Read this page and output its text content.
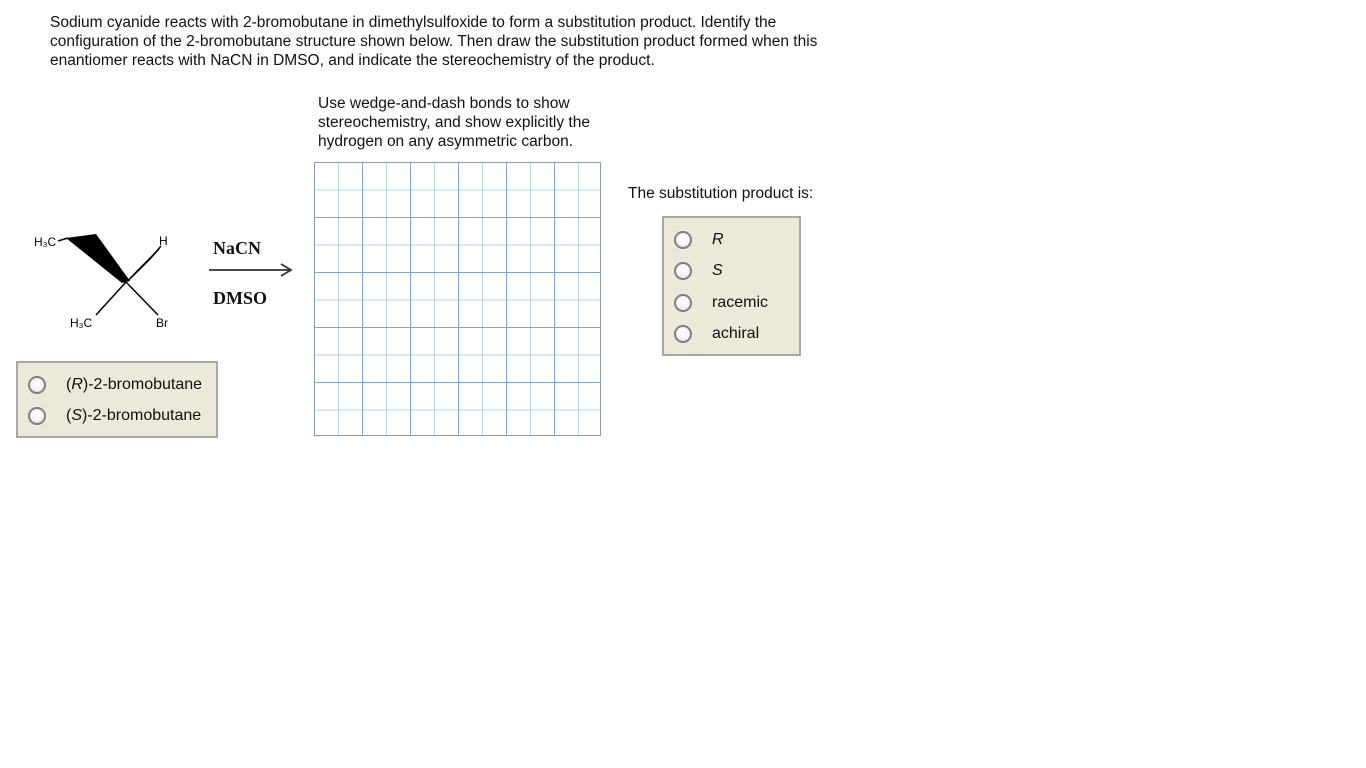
Sodium cyanide reacts with 2-bromobutane in dimethylsulfoxide to form a substitution product. Identify the configuration of the 2-bromobutane structure shown below. Then draw the substitution product formed when this enantiomer reacts with NaCN in DMSO, and indicate the stereochemistry of the product.

H₃C	H
H₃C	Br
NaCN
DMSO

Use wedge-and-dash bonds to show stereochemistry, and show explicitly the hydrogen on any asymmetric carbon.

(R)-2-bromobutane
(S)-2-bromobutane

The substitution product is:

R
S
racemic
achiral
